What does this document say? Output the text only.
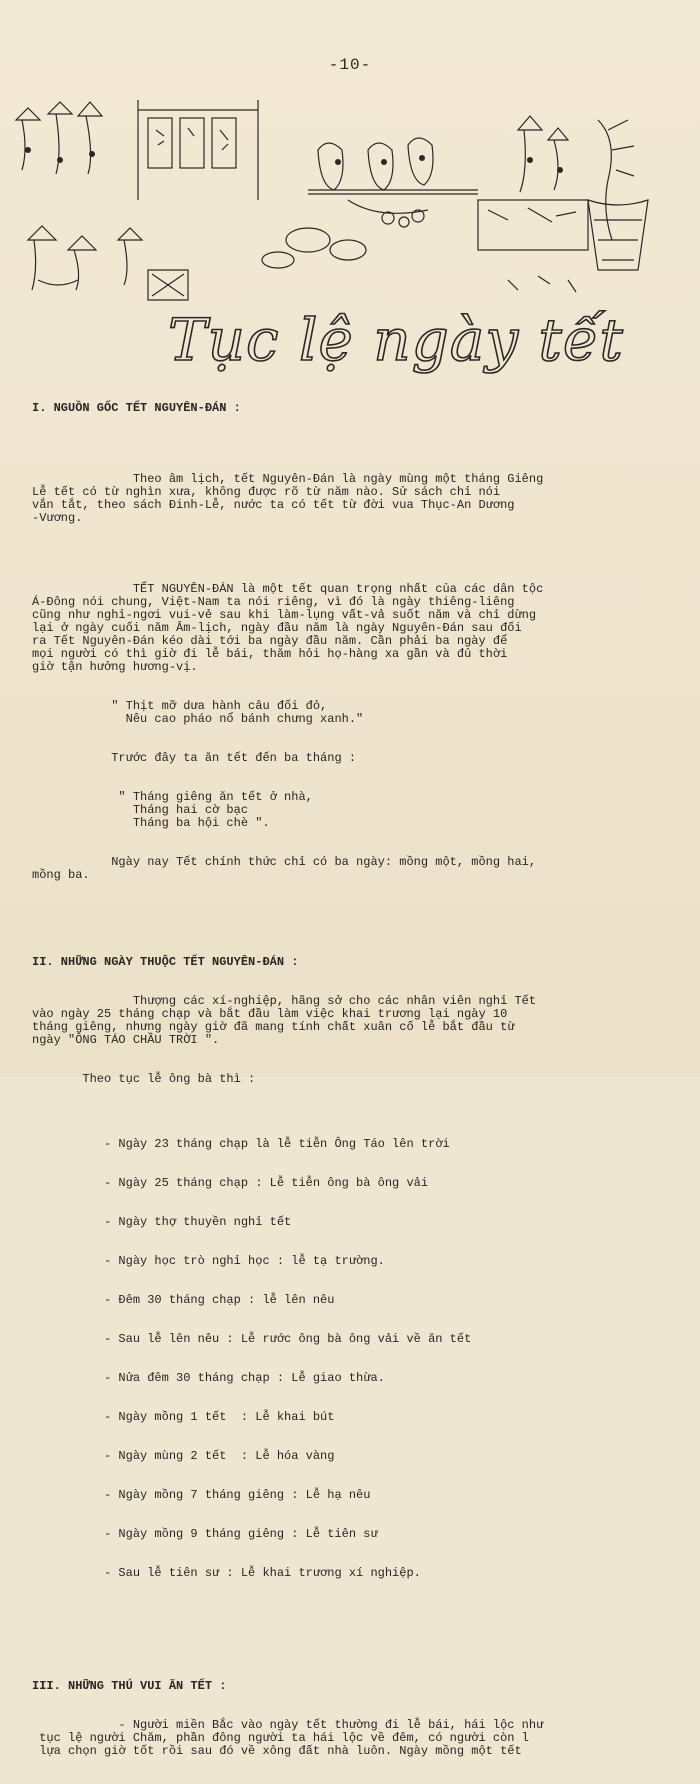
-10-
Tục lệ ngày tết

I. NGUỒN GỐC TẾT NGUYÊN-ĐÁN :

Theo âm lịch, tết Nguyên-Đán là ngày mùng một tháng Giêng
Lễ tết có từ nghìn xưa, không được rõ từ năm nào. Sử sách chỉ nói
vắn tắt, theo sách Đinh-Lễ, nước ta có tết từ đời vua Thục-An Dương
-Vương.

TẾT NGUYÊN-ĐÁN là một tết quan trọng nhất của các dân tộc
Á-Đông nói chung, Việt-Nam ta nói riêng, vì đó là ngày thiêng-liêng
cũng như nghỉ-ngơi vui-vẻ sau khi làm-lụng vất-vả suốt năm và chỉ dừng
lại ở ngày cuối năm Âm-lịch, ngày đầu năm là ngày Nguyên-Đán sau đối
ra Tết Nguyên-Đán kéo dài tới ba ngày đầu năm. Cần phải ba ngày để
mọi người có thì giờ đi lễ bái, thăm hỏi họ-hàng xa gần và đủ thời
giờ tận hưởng hương-vị.

" Thịt mỡ dưa hành câu đối đỏ,
Nêu cao pháo nổ bánh chưng xanh."

Trước đây ta ăn tết đến ba tháng :

" Tháng giêng ăn tết ở nhà,
Tháng hai cờ bạc
Tháng ba hội chè ".

Ngày nay Tết chính thức chỉ có ba ngày: mồng một, mồng hai,
mồng ba.

II. NHỮNG NGÀY THUỘC TẾT NGUYÊN-ĐÁN :

Thượng các xí-nghiệp, hãng sở cho các nhân viên nghỉ Tết
vào ngày 25 tháng chạp và bắt đầu làm việc khai trương lại ngày 10
tháng giêng, nhưng ngày giờ đã mang tính chất xuân cố lễ bắt đầu từ
ngày "ÔNG TÁO CHẦU TRỜI ".

Theo tục lễ ông bà thì :

- Ngày 23 tháng chạp là lễ tiễn Ông Táo lên trời

- Ngày 25 tháng chạp : Lễ tiễn ông bà ông vải

- Ngày thợ thuyền nghỉ tết

- Ngày học trò nghỉ học : lễ tạ trường.

- Đêm 30 tháng chạp : lễ lên nêu

- Sau lễ lên nêu : Lễ rước ông bà ông vải về ăn tết

- Nửa đêm 30 tháng chạp : Lễ giao thừa.

- Ngày mồng 1 tết  : Lễ khai bút

- Ngày mùng 2 tết  : Lễ hóa vàng

- Ngày mồng 7 tháng giêng : Lễ hạ nêu

- Ngày mồng 9 tháng giêng : Lễ tiên sư

- Sau lễ tiên sư : Lễ khai trương xí nghiệp.

III. NHỮNG THÚ VUI ĂN TẾT :

- Người miền Bắc vào ngày tết thường đi lễ bái, hái lộc như
tục lệ người Chăm, phần đông người ta hái lộc về đêm, có người còn l
lựa chọn giờ tốt rồi sau đó về xông đất nhà luôn. Ngày mồng một tết
